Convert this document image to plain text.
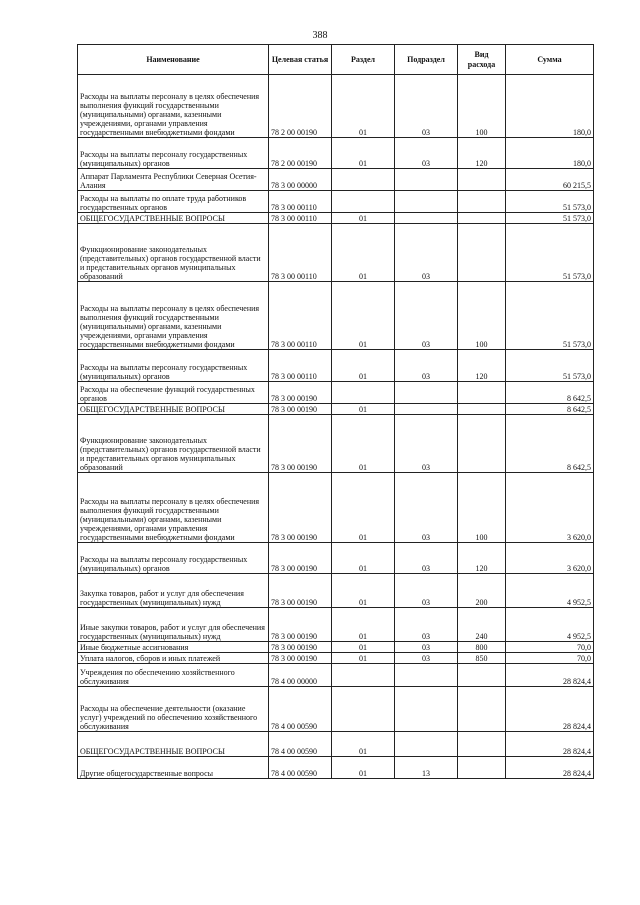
388
Наименование	Целевая статья	Раздел	Подраздел	Вид расхода	Сумма
Расходы на выплаты персоналу в целях обеспечения выполнения функций государственными (муниципальными) органами, казенными учреждениями, органами управления государственными внебюджетными фондами	78 2 00 00190	01	03	100	180,0
Расходы на выплаты персоналу государственных (муниципальных) органов	78 2 00 00190	01	03	120	180,0
Аппарат Парламента Республики Северная Осетия-Алания	78 3 00 00000				60 215,5
Расходы на выплаты по оплате труда работников государственных органов	78 3 00 00110				51 573,0
ОБЩЕГОСУДАРСТВЕННЫЕ ВОПРОСЫ	78 3 00 00110	01			51 573,0
Функционирование законодательных (представительных) органов государственной власти и представительных органов муниципальных образований	78 3 00 00110	01	03		51 573,0
Расходы на выплаты персоналу в целях обеспечения выполнения функций государственными (муниципальными) органами, казенными учреждениями, органами управления государственными внебюджетными фондами	78 3 00 00110	01	03	100	51 573,0
Расходы на выплаты персоналу государственных (муниципальных) органов	78 3 00 00110	01	03	120	51 573,0
Расходы на обеспечение функций государственных органов	78 3 00 00190				8 642,5
ОБЩЕГОСУДАРСТВЕННЫЕ ВОПРОСЫ	78 3 00 00190	01			8 642,5
Функционирование законодательных (представительных) органов государственной власти и представительных органов муниципальных образований	78 3 00 00190	01	03		8 642,5
Расходы на выплаты персоналу в целях обеспечения выполнения функций государственными (муниципальными) органами, казенными учреждениями, органами управления государственными внебюджетными фондами	78 3 00 00190	01	03	100	3 620,0
Расходы на выплаты персоналу государственных (муниципальных) органов	78 3 00 00190	01	03	120	3 620,0
Закупка товаров, работ и услуг для обеспечения государственных (муниципальных) нужд	78 3 00 00190	01	03	200	4 952,5
Иные закупки товаров, работ и услуг для обеспечения государственных (муниципальных) нужд	78 3 00 00190	01	03	240	4 952,5
Иные бюджетные ассигнования	78 3 00 00190	01	03	800	70,0
Уплата налогов, сборов и иных платежей	78 3 00 00190	01	03	850	70,0
Учреждения по обеспечению хозяйственного обслуживания	78 4 00 00000				28 824,4
Расходы на обеспечение деятельности (оказание услуг) учреждений по обеспечению хозяйственного обслуживания	78 4 00 00590				28 824,4
ОБЩЕГОСУДАРСТВЕННЫЕ ВОПРОСЫ	78 4 00 00590	01			28 824,4
Другие общегосударственные вопросы	78 4 00 00590	01	13		28 824,4
